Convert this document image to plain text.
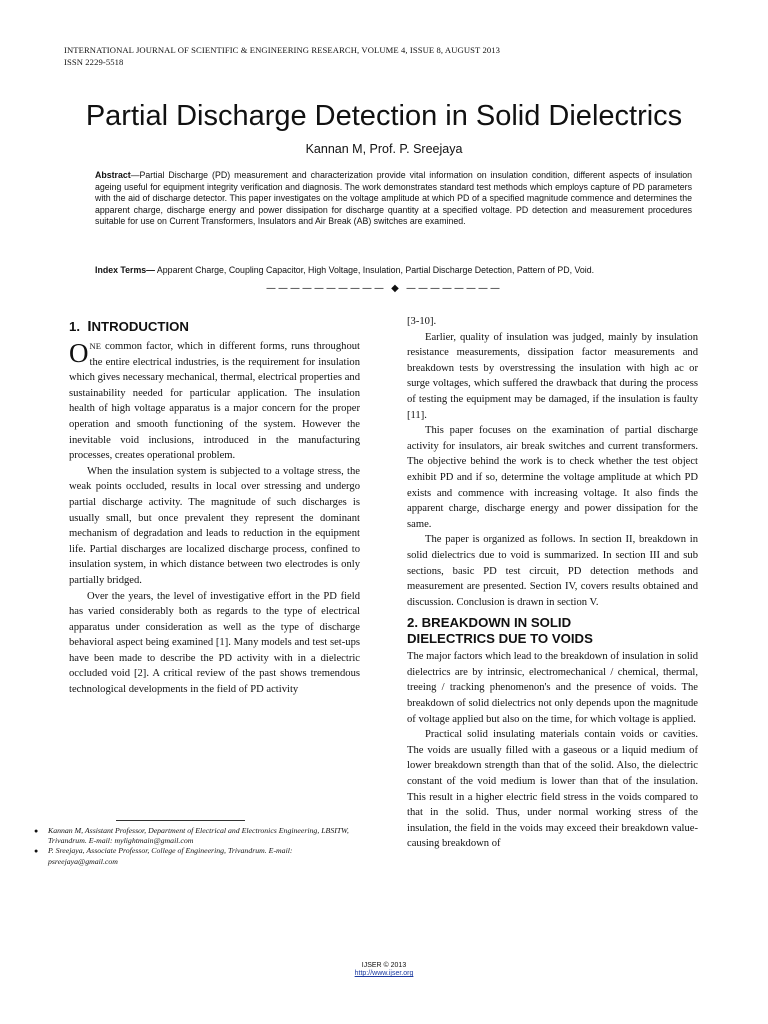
INTERNATIONAL JOURNAL OF SCIENTIFIC & ENGINEERING RESEARCH, VOLUME 4, ISSUE 8, AUGUST 2013
ISSN 2229-5518
Partial Discharge Detection in Solid Dielectrics
Kannan M, Prof. P. Sreejaya
Abstract—Partial Discharge (PD) measurement and characterization provide vital information on insulation condition, different aspects of insulation ageing useful for equipment integrity verification and diagnosis. The work demonstrates standard test methods which employs capture of PD parameters with the aid of discharge detector. This paper investigates on the voltage amplitude at which PD of a specified magnitude commence and determines the apparent charge, discharge energy and power dissipation for discharge quantity at a specified voltage. PD detection and measurement procedures suitable for use on Current Transformers, Insulators and Air Break (AB) switches are examined.
Index Terms— Apparent Charge, Coupling Capacitor, High Voltage, Insulation, Partial Discharge Detection, Pattern of PD, Void.
—————————— ◆ ————————
1. INTRODUCTION

ONE common factor, which in different forms, runs throughout the entire electrical industries, is the requirement for insulation which gives necessary mechanical, thermal, electrical properties and sustainability needed for particular application. The insulation health of high voltage apparatus is a major concern for the proper operation and smooth functioning of the system. However the inevitable void inclusions, introduced in the manufacturing processes, creates operational problem.

When the insulation system is subjected to a voltage stress, the weak points occluded, results in local over stressing and undergo partial discharge activity. The magnitude of such discharges is usually small, but once prevalent they represent the dominant mechanism of degradation and leads to reduction in the equipment life. Partial discharges are localized discharge process, confined to insulation system, in which distance between two electrodes is only partially bridged.

Over the years, the level of investigative effort in the PD field has varied considerably both as regards to the type of electrical apparatus under consideration as well as the type of discharge behavioral aspect being examined [1]. Many models and test set-ups have been made to describe the PD activity with in a dielectric occluded void [2]. A critical review of the past shows tremendous technological developments in the field of PD activity

[3-10].

Earlier, quality of insulation was judged, mainly by insulation resistance measurements, dissipation factor measurements and breakdown tests by overstressing the insulation with high ac or surge voltages, which suffered the drawback that during the process of testing the equipment may be damaged, if the insulation is faulty [11].

This paper focuses on the examination of partial discharge activity for insulators, air break switches and current transformers. The objective behind the work is to check whether the test object exhibit PD and if so, determine the voltage amplitude at which PD exists and commence with increasing voltage. It also finds the apparent charge, discharge energy and power dissipation for the same.

The paper is organized as follows. In section II, breakdown in solid dielectrics due to void is summarized. In section III and sub sections, basic PD test circuit, PD detection methods and measurement are presented. Section IV, covers results obtained and discussion. Conclusion is drawn in section V.

2. BREAKDOWN IN SOLID
DIELECTRICS DUE TO VOIDS

The major factors which lead to the breakdown of insulation in solid dielectrics are by intrinsic, electromechanical / chemical, thermal, treeing / tracking phenomenon's and the presence of voids. The breakdown of solid dielectrics not only depends upon the magnitude of voltage applied but also on the time, for which voltage is applied.

Practical solid insulating materials contain voids or cavities. The voids are usually filled with a gaseous or a liquid medium of lower breakdown strength than that of the solid. Also, the dielectric constant of the void medium is lower than that of the insulation. This result in a higher electric field stress in the voids compared to that in the solid. Thus, under normal working stress of the insulation, the field in the voids may exceed their breakdown value-causing breakdown of

● Kannan M, Assistant Professor, Department of Electrical and Electronics Engineering, LBSITW, Trivandrum. E-mail: mylightmain@gmail.com
● P. Sreejaya, Associate Professor, College of Engineering, Trivandrum. E-mail: psreejaya@gmail.com
IJSER © 2013
http://www.ijser.org
